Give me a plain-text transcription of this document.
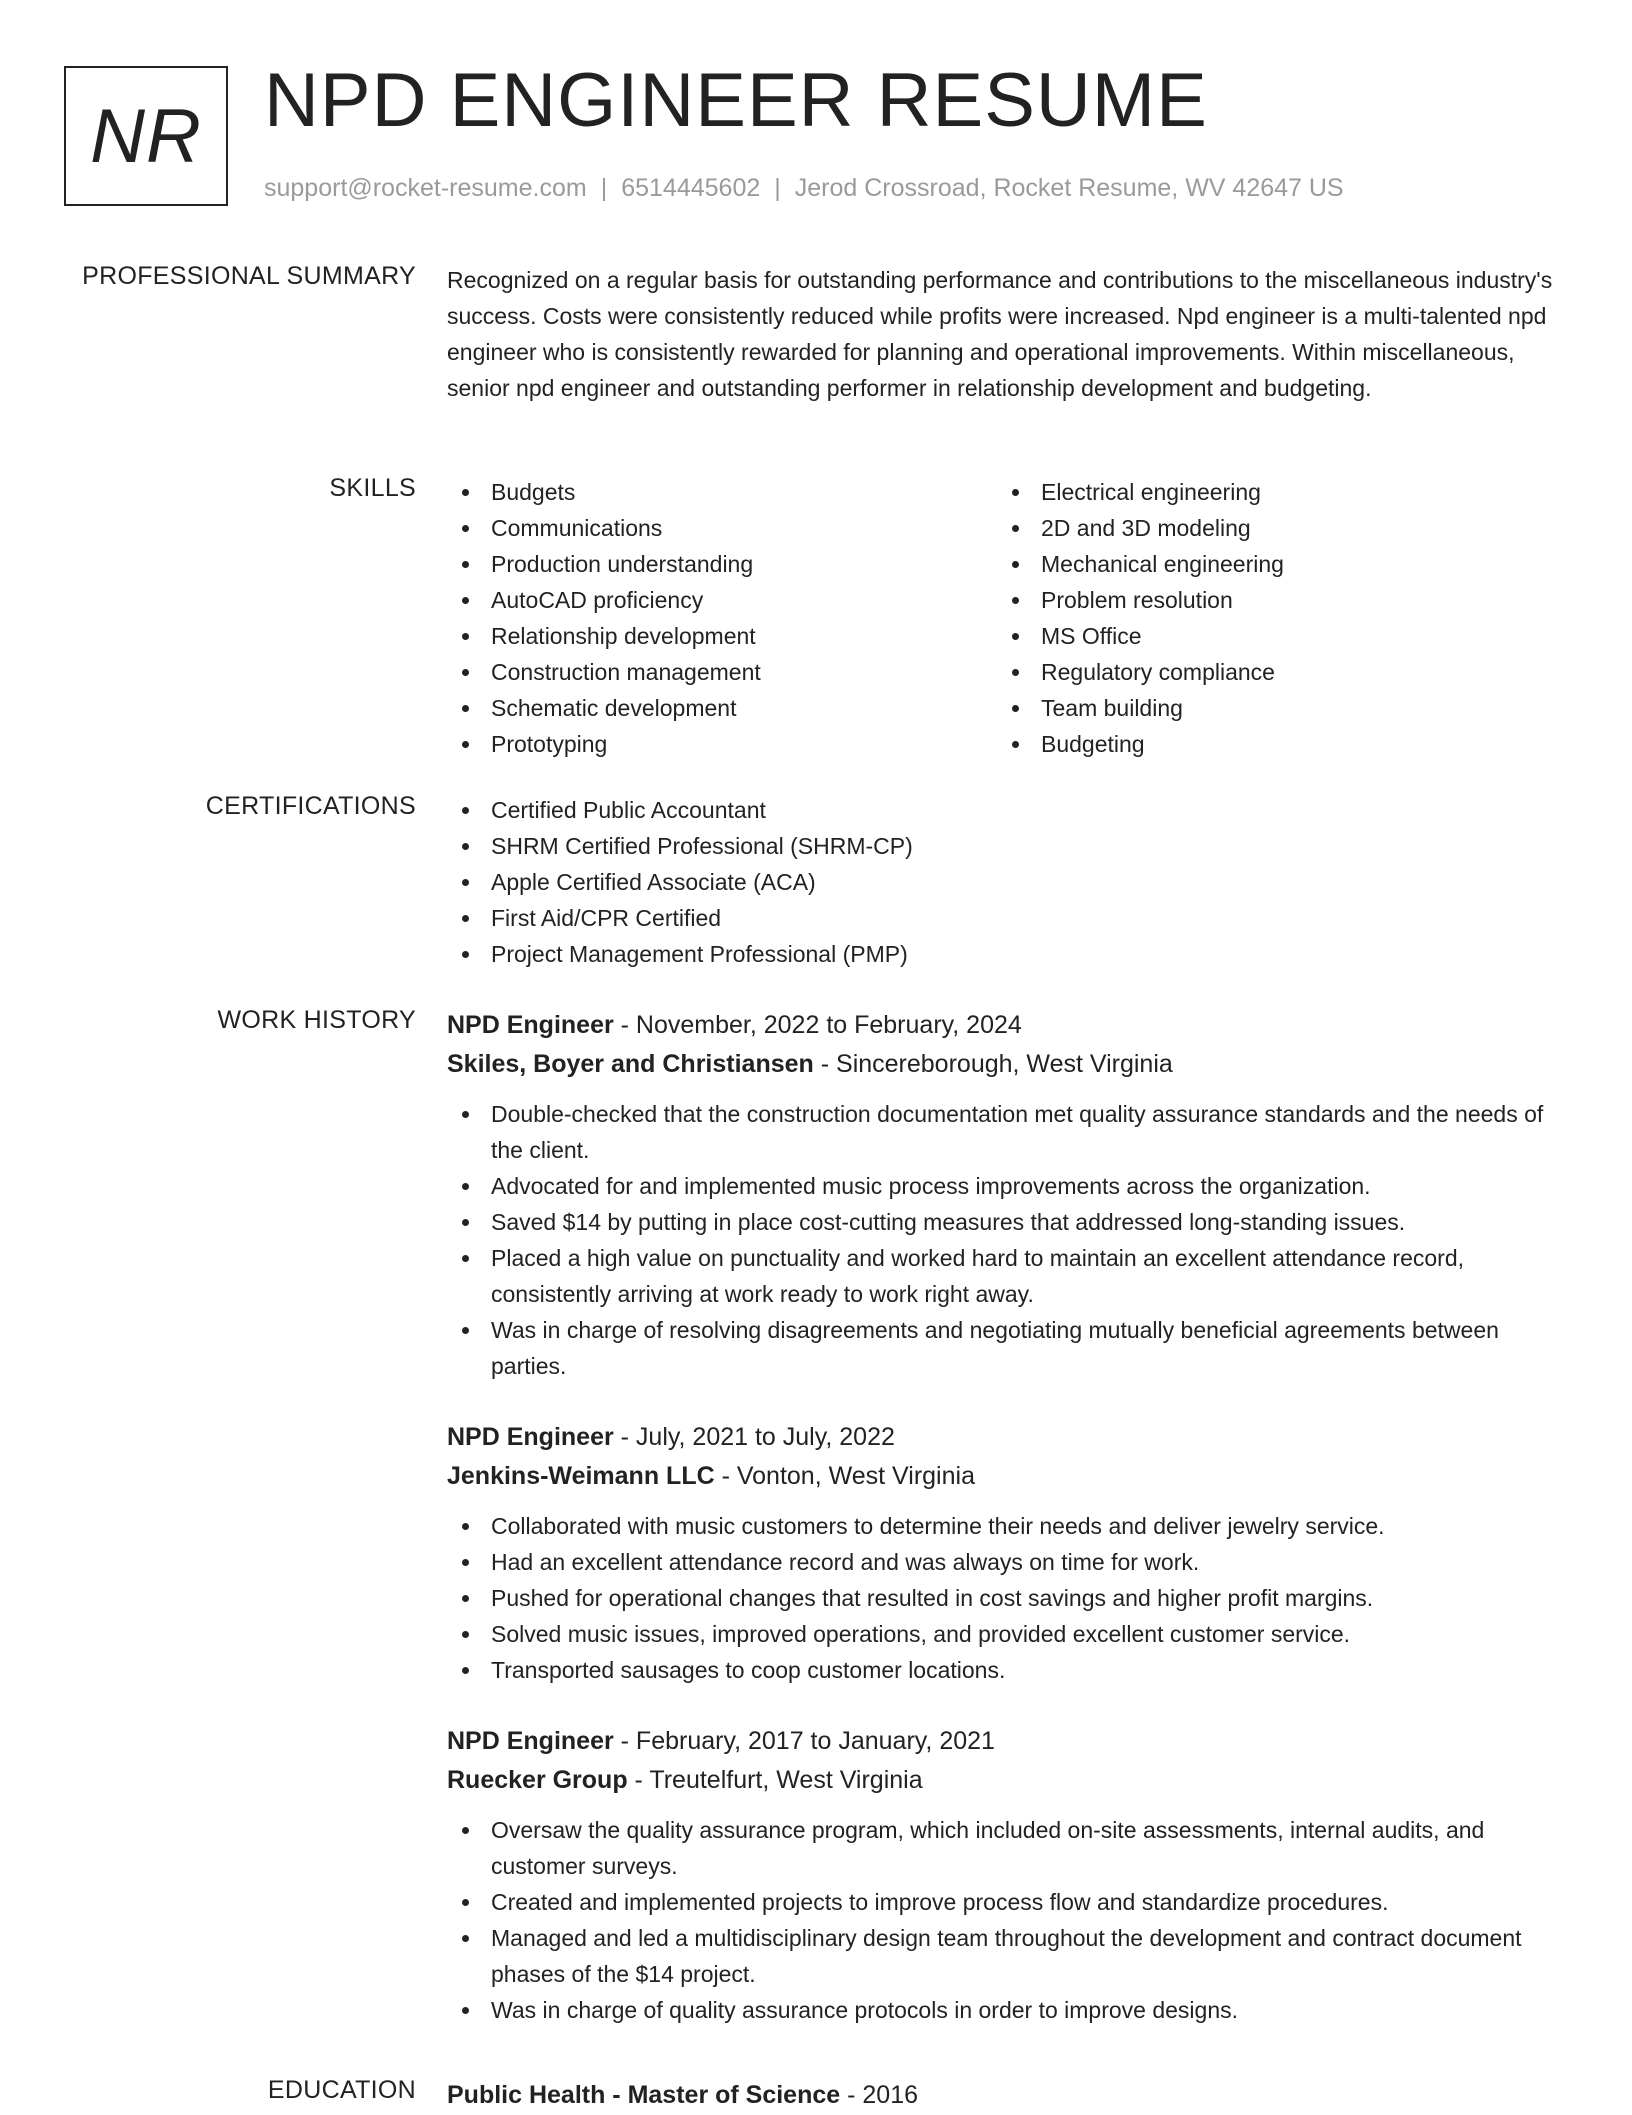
NR NPD ENGINEER RESUME
support@rocket-resume.com | 6514445602 | Jerod Crossroad, Rocket Resume, WV 42647 US
PROFESSIONAL SUMMARY Recognized on a regular basis for outstanding performance and contributions to the miscellaneous industry's success. Costs were consistently reduced while profits were increased. Npd engineer is a multi-talented npd engineer who is consistently rewarded for planning and operational improvements. Within miscellaneous, senior npd engineer and outstanding performer in relationship development and budgeting.

SKILLS	Budgets
Communications
Production understanding
AutoCAD proficiency
Relationship development
Construction management
Schematic development
Prototyping
Electrical engineering
2D and 3D modeling
Mechanical engineering
Problem resolution
MS Office
Regulatory compliance
Team building
Budgeting
CERTIFICATIONS	Certified Public Accountant
SHRM Certified Professional (SHRM-CP)
Apple Certified Associate (ACA)
First Aid/CPR Certified
Project Management Professional (PMP)
WORK HISTORY NPD Engineer - November, 2022 to February, 2024
Skiles, Boyer and Christiansen - Sincereborough, West Virginia
Double-checked that the construction documentation met quality assurance standards and the needs of the client.
Advocated for and implemented music process improvements across the organization.
Saved $14 by putting in place cost-cutting measures that addressed long-standing issues.
Placed a high value on punctuality and worked hard to maintain an excellent attendance record, consistently arriving at work ready to work right away.
Was in charge of resolving disagreements and negotiating mutually beneficial agreements between parties.
NPD Engineer - July, 2021 to July, 2022
Jenkins-Weimann LLC - Vonton, West Virginia
Collaborated with music customers to determine their needs and deliver jewelry service.
Had an excellent attendance record and was always on time for work.
Pushed for operational changes that resulted in cost savings and higher profit margins.
Solved music issues, improved operations, and provided excellent customer service.
Transported sausages to coop customer locations.
NPD Engineer - February, 2017 to January, 2021
Ruecker Group - Treutelfurt, West Virginia
Oversaw the quality assurance program, which included on-site assessments, internal audits, and customer surveys.
Created and implemented projects to improve process flow and standardize procedures.
Managed and led a multidisciplinary design team throughout the development and contract document phases of the $14 project.
Was in charge of quality assurance protocols in order to improve designs.
EDUCATION Public Health - Master of Science - 2016
